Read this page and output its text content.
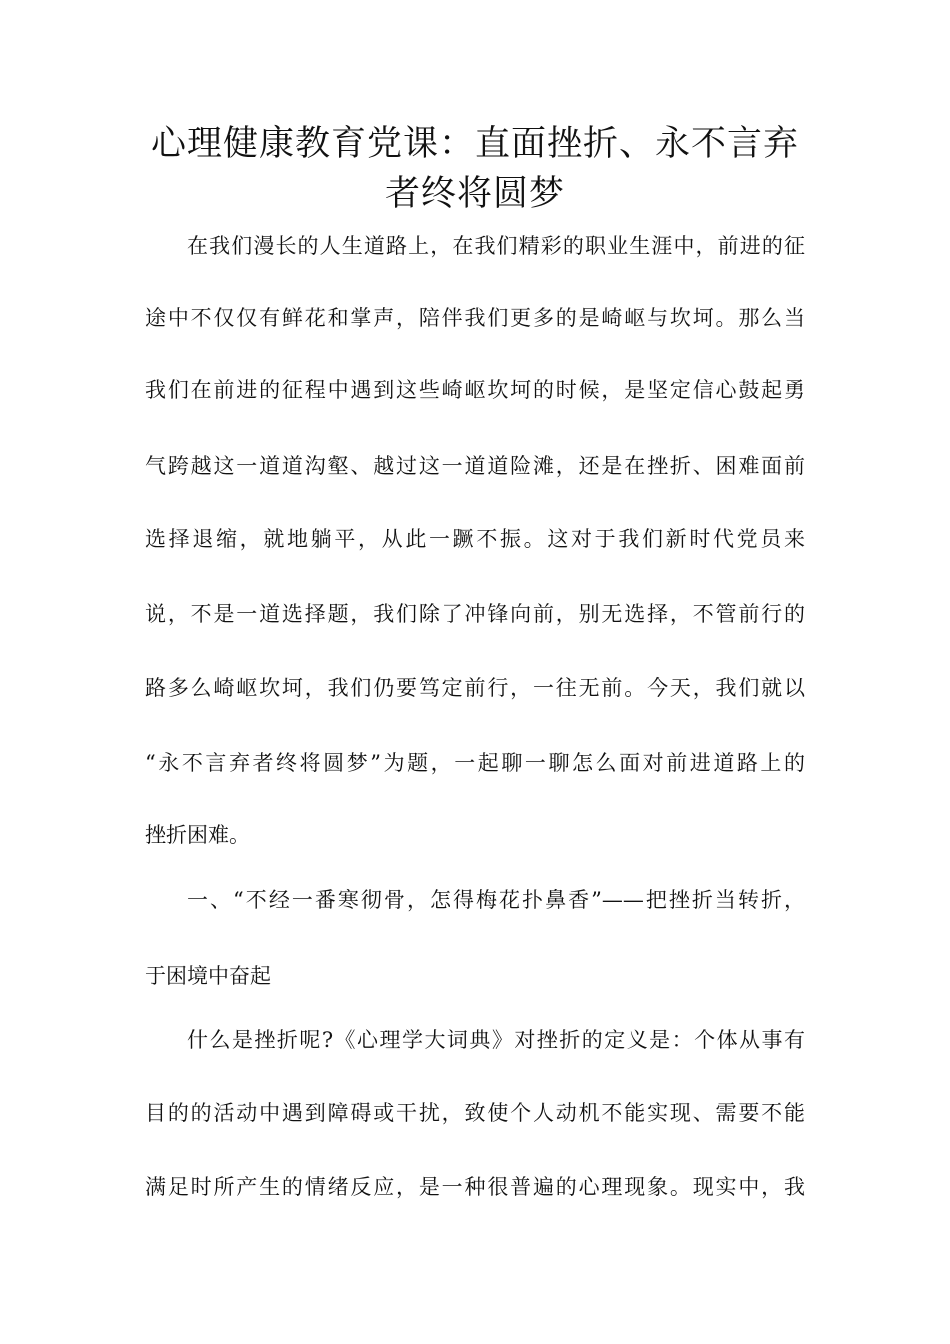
心理健康教育党课：直面挫折、永不言弃
者终将圆梦

在我们漫长的人生道路上，在我们精彩的职业生涯中，前进的征

途中不仅仅有鲜花和掌声，陪伴我们更多的是崎岖与坎坷。那么当

我们在前进的征程中遇到这些崎岖坎坷的时候，是坚定信心鼓起勇

气跨越这一道道沟壑、越过这一道道险滩，还是在挫折、困难面前

选择退缩，就地躺平，从此一蹶不振。这对于我们新时代党员来

说，不是一道选择题，我们除了冲锋向前，别无选择，不管前行的

路多么崎岖坎坷，我们仍要笃定前行，一往无前。今天，我们就以

“永不言弃者终将圆梦”为题，一起聊一聊怎么面对前进道路上的

挫折困难。

一、“不经一番寒彻骨，怎得梅花扑鼻香”——把挫折当转折，

于困境中奋起

什么是挫折呢?《心理学大词典》对挫折的定义是：个体从事有

目的的活动中遇到障碍或干扰，致使个人动机不能实现、需要不能

满足时所产生的情绪反应，是一种很普遍的心理现象。现实中，我
